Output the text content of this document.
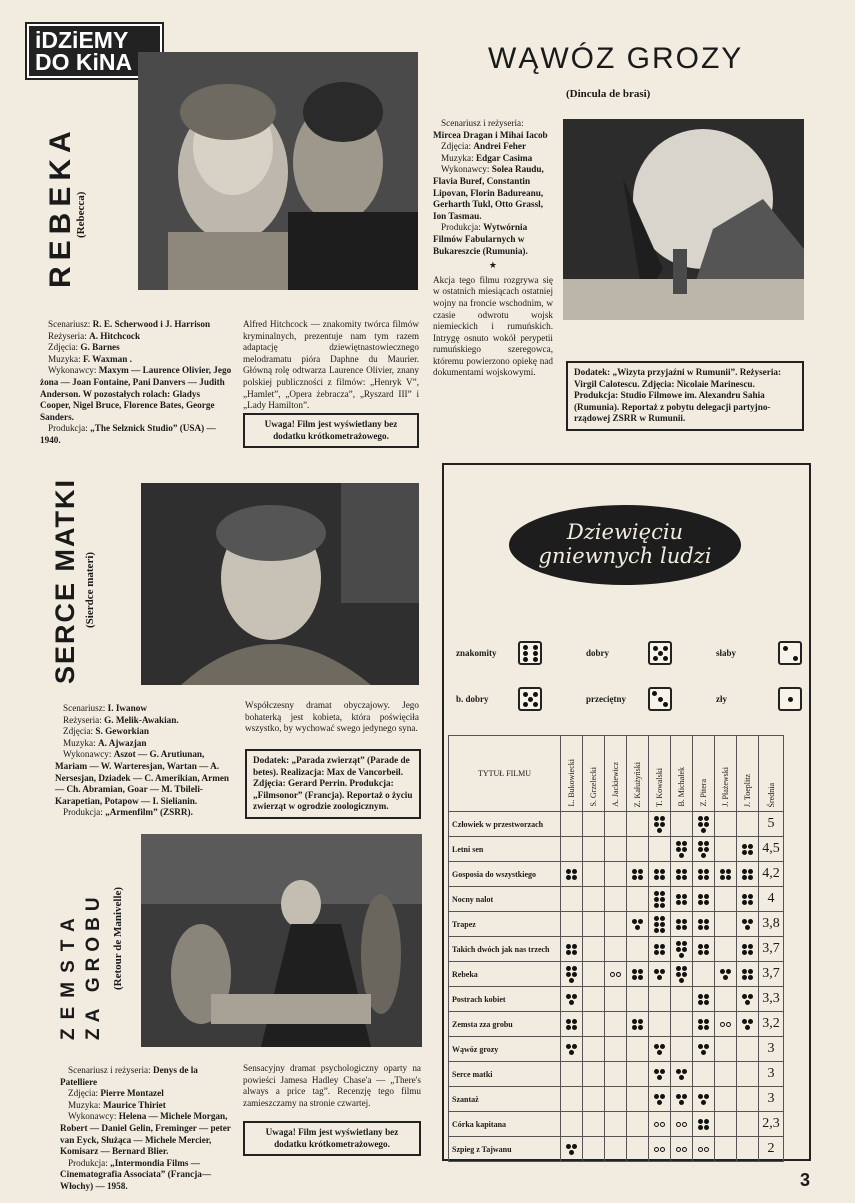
iDZiEMY
DO KiNA
REBEKA
(Rebecca)

Scenariusz: R. E. Scherwood i J. Harrison

Reżyseria: A. Hitchcock

Zdjęcia: G. Barnes

Muzyka: F. Waxman .

Wykonawcy: Maxym — Laurence Olivier, Jego żona — Joan Fontaine, Pani Danvers — Judith Anderson. W pozostałych rolach: Gladys Cooper, Nigel Bruce, Florence Bates, George Sanders.

Produkcja: „The Selznick Studio” (USA) — 1940.

Alfred Hitchcock — znakomity twórca filmów kryminalnych, prezentuje nam tym razem adaptację dziewiętnastowiecznego melodramatu pióra Daphne du Maurier. Główną rolę odtwarza Laurence Olivier, znany polskiej publiczności z filmów: „Henryk V”, „Hamlet”, „Opera żebracza”, „Ryszard III” i „Lady Hamilton”.
Uwaga! Film jest wyświetlany bez dodatku krótkometrażowego.
WĄWÓZ GROZY
(Dincula de brasi)

Scenariusz i reżyseria: Mircea Dragan i Mihai Iacob

Zdjęcia: Andrei Feher

Muzyka: Edgar Casima

Wykonawcy: Solea Raudu, Flavia Buref, Constantin Lipovan, Florin Badureanu, Gerharth Tukl, Otto Grassl, Ion Tasmau.

Produkcja: Wytwórnia Filmów Fabularnych w Bukareszcie (Rumunia).

★
Akcja tego filmu rozgrywa się w ostatnich miesiącach ostatniej wojny na froncie wschodnim, w czasie odwrotu wojsk niemieckich i rumuńskich. Intrygę osnuto wokół perypetii rumuńskiego szeregowca, któremu powierzono opiekę nad dokumentami wojskowymi.	Dodatek: „Wizyta przyjaźni w Rumunii”. Reżyseria: Virgil Calotescu. Zdjęcia: Nicolaie Marinescu. Produkcja: Studio Filmowe im. Alexandru Sahia (Rumunia). Reportaż z pobytu delegacji partyjno-rządowej ZSRR w Rumunii.
SERCE MATKI (Sierdce materi)

Scenariusz: I. Iwanow

Reżyseria: G. Melik-Awakian.

Zdjęcia: S. Geworkian

Muzyka: A. Ajwazjan

Wykonawcy: Aszot — G. Arutiunan, Mariam — W. Warteresjan, Wartan — A. Nersesjan, Dziadek — C. Amerikian, Armen — Ch. Abramian, Goar — M. Tbileli-Karapetian, Potapow — I. Sielianin.

Produkcja: „Armenfilm” (ZSRR).

Współczesny dramat obyczajowy. Jego bohaterką jest kobieta, która poświęciła wszystko, by wychować swego jedynego syna.
Dodatek: „Parada zwierząt” (Parade de betes). Realizacja: Max de Vancorbeil. Zdjęcia: Gerard Perrin. Produkcja: „Filmsonor” (Francja). Reportaż o życiu zwierząt w ogrodzie zoologicznym.
ZEMSTA ZA GROBU (Retour de Manivelle)

Scenariusz i reżyseria: Denys de la Patelliere

Zdjęcia: Pierre Montazel

Muzyka: Maurice Thiriet

Wykonawcy: Helena — Michele Morgan, Robert — Daniel Gelin, Freminger — peter van Eyck, Służąca — Michele Mercier, Komisarz — Bernard Blier.

Produkcja: „Intermondia Films — Cinematografia Associata” (Francja—Włochy) — 1958.

Sensacyjny dramat psychologiczny oparty na powieści Jamesa Hadley Chase'a — „There's always a price tag”. Recenzję tego filmu zamieszczamy na stronie czwartej.
Uwaga! Film jest wyświetlany bez dodatku krótkometrażowego.
Dziewięciu
gniewnych ludzi
znakomity	dobry	słaby
b. dobry	przeciętny	zły
TYTUŁ FILMU	L. Bukowiecki	S. Grzelecki	A. Jackiewicz	Z. Kałużyński	T. Kowalski	B. Michałek	Z. Pitera	J. Płażewski	J. Toeplitz	Średnia

Człowiek w przestworzach										5
Letni sen										4,5
Gosposia do wszystkiego										4,2
Nocny nalot										4
Trapez										3,8
Takich dwóch jak nas trzech										3,7
Rebeka										3,7
Postrach kobiet										3,3
Zemsta zza grobu										3,2
Wąwóz grozy										3
Serce matki										3
Szantaż										3
Córka kapitana										2,3
Szpieg z Tajwanu										2
3
